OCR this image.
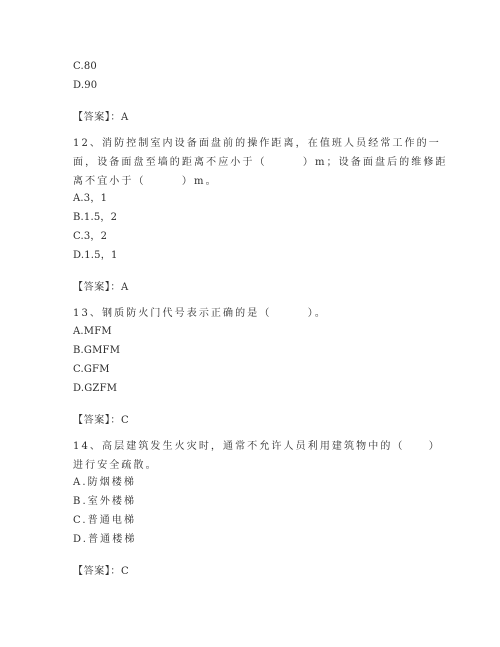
C.80
D.90
【答案】：A
12、消防控制室内设备面盘前的操作距离，在值班人员经常工作的一
面，设备面盘至墙的距离不应小于（　　　）m；设备面盘后的维修距
离不宜小于（　　　）m。
A.3，1
B.1.5，2
C.3，2
D.1.5，1
【答案】：A
13、钢质防火门代号表示正确的是（　　　）。
A.MFM
B.GMFM
C.GFM
D.GZFM
【答案】：C
14、高层建筑发生火灾时，通常不允许人员利用建筑物中的（　　）
进行安全疏散。
A.防烟楼梯
B.室外楼梯
C.普通电梯
D.普通楼梯
【答案】：C
